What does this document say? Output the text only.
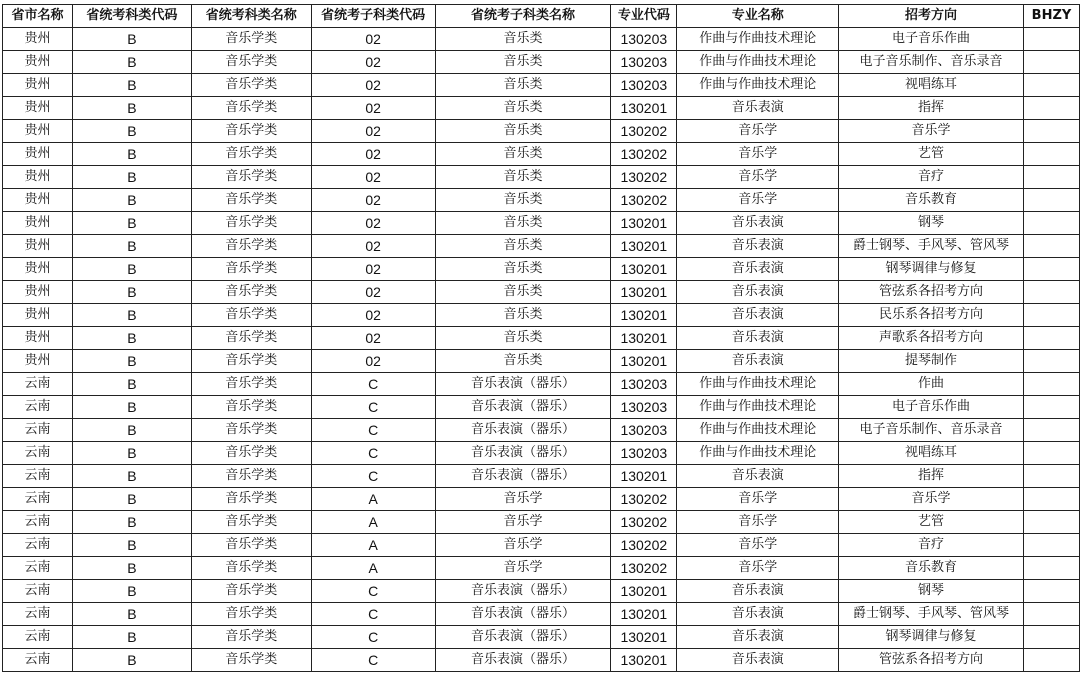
省市名称	省统考科类代码	省统考科类名称	省统考子科类代码	省统考子科类名称	专业代码	专业名称	招考方向	BHZY
贵州	B	音乐学类	02	音乐类	130203	作曲与作曲技术理论	电子音乐作曲	
贵州	B	音乐学类	02	音乐类	130203	作曲与作曲技术理论	电子音乐制作、音乐录音	
贵州	B	音乐学类	02	音乐类	130203	作曲与作曲技术理论	视唱练耳	
贵州	B	音乐学类	02	音乐类	130201	音乐表演	指挥	
贵州	B	音乐学类	02	音乐类	130202	音乐学	音乐学	
贵州	B	音乐学类	02	音乐类	130202	音乐学	艺管	
贵州	B	音乐学类	02	音乐类	130202	音乐学	音疗	
贵州	B	音乐学类	02	音乐类	130202	音乐学	音乐教育	
贵州	B	音乐学类	02	音乐类	130201	音乐表演	钢琴	
贵州	B	音乐学类	02	音乐类	130201	音乐表演	爵士钢琴、手风琴、管风琴	
贵州	B	音乐学类	02	音乐类	130201	音乐表演	钢琴调律与修复	
贵州	B	音乐学类	02	音乐类	130201	音乐表演	管弦系各招考方向	
贵州	B	音乐学类	02	音乐类	130201	音乐表演	民乐系各招考方向	
贵州	B	音乐学类	02	音乐类	130201	音乐表演	声歌系各招考方向	
贵州	B	音乐学类	02	音乐类	130201	音乐表演	提琴制作	
云南	B	音乐学类	C	音乐表演（器乐）	130203	作曲与作曲技术理论	作曲	
云南	B	音乐学类	C	音乐表演（器乐）	130203	作曲与作曲技术理论	电子音乐作曲	
云南	B	音乐学类	C	音乐表演（器乐）	130203	作曲与作曲技术理论	电子音乐制作、音乐录音	
云南	B	音乐学类	C	音乐表演（器乐）	130203	作曲与作曲技术理论	视唱练耳	
云南	B	音乐学类	C	音乐表演（器乐）	130201	音乐表演	指挥	
云南	B	音乐学类	A	音乐学	130202	音乐学	音乐学	
云南	B	音乐学类	A	音乐学	130202	音乐学	艺管	
云南	B	音乐学类	A	音乐学	130202	音乐学	音疗	
云南	B	音乐学类	A	音乐学	130202	音乐学	音乐教育	
云南	B	音乐学类	C	音乐表演（器乐）	130201	音乐表演	钢琴	
云南	B	音乐学类	C	音乐表演（器乐）	130201	音乐表演	爵士钢琴、手风琴、管风琴	
云南	B	音乐学类	C	音乐表演（器乐）	130201	音乐表演	钢琴调律与修复	
云南	B	音乐学类	C	音乐表演（器乐）	130201	音乐表演	管弦系各招考方向	
